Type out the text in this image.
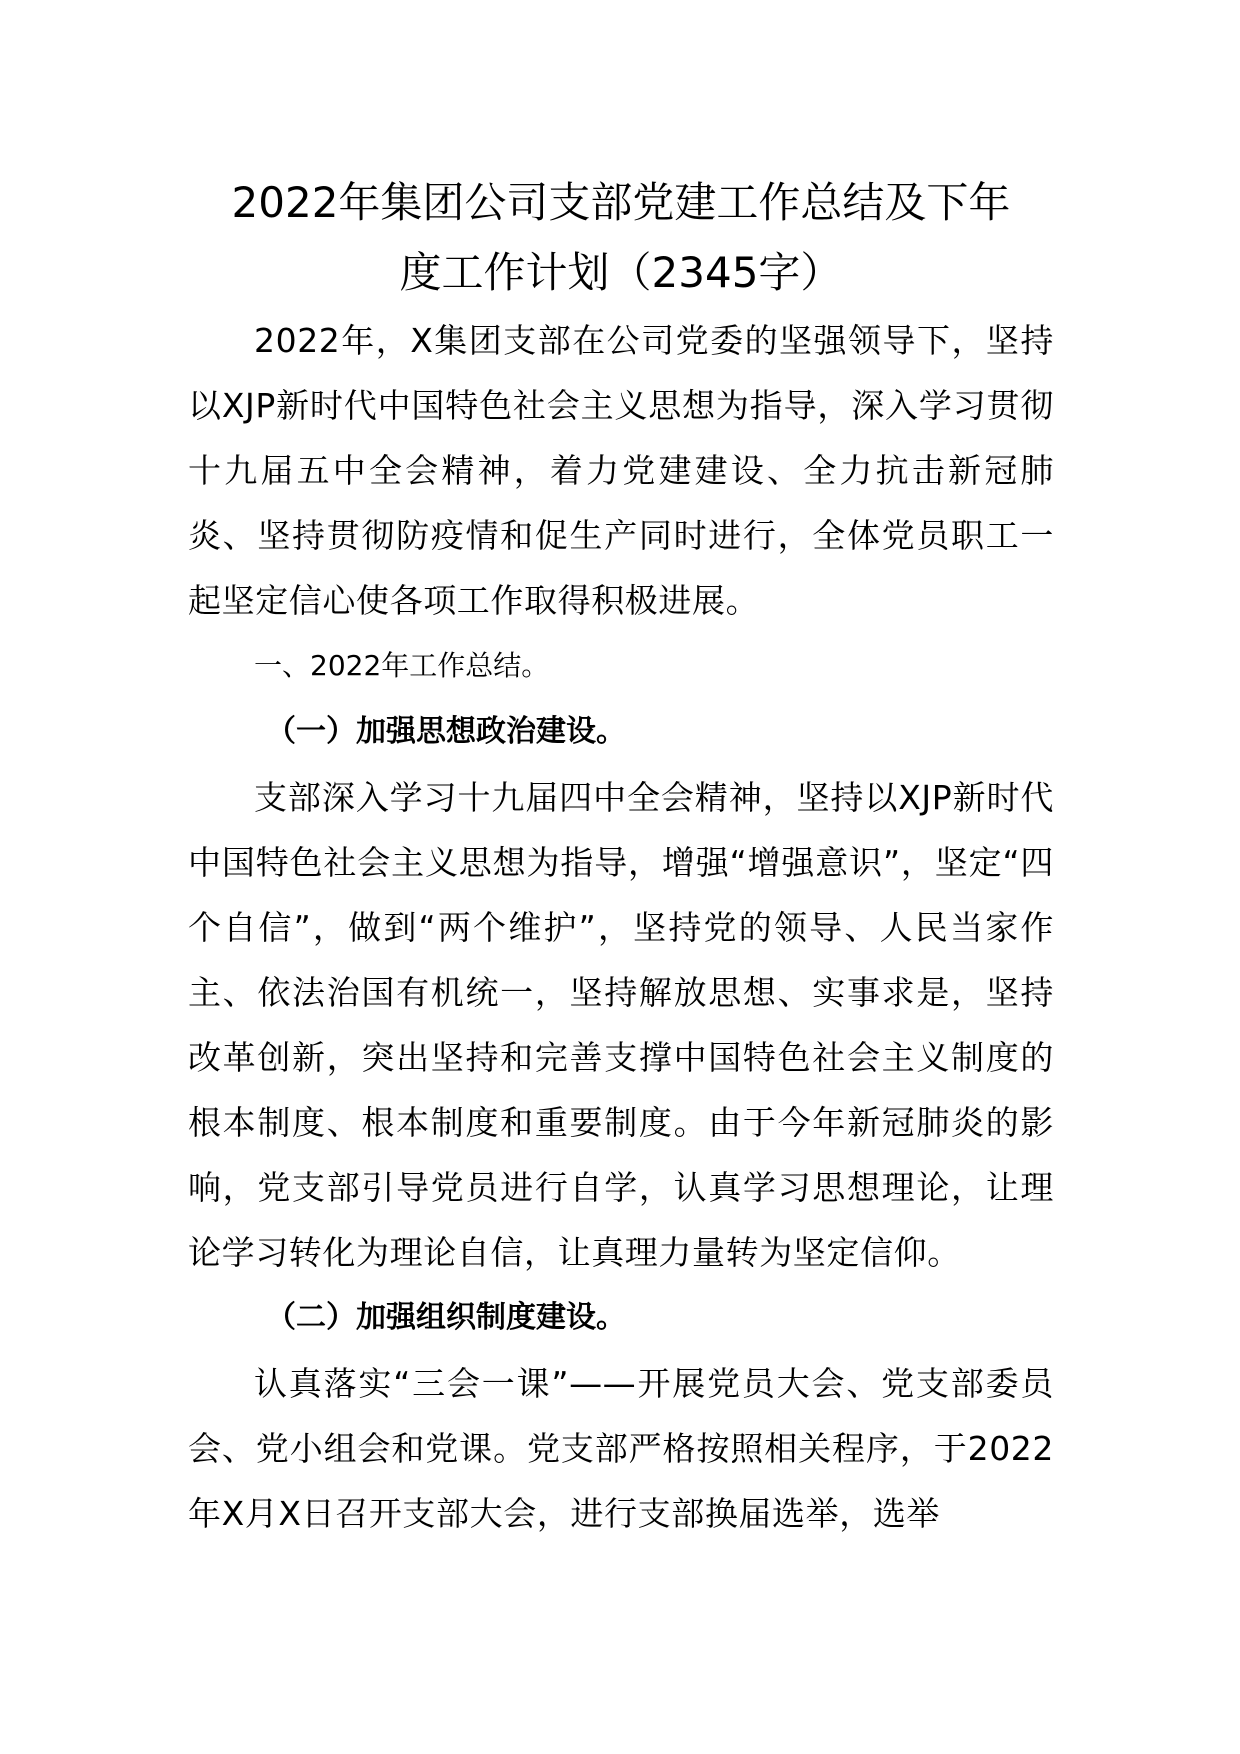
2022年集团公司支部党建工作总结及下年
度工作计划（2345字）

2022年，X集团支部在公司党委的坚强领导下，坚持以XJP新时代中国特色社会主义思想为指导，深入学习贯彻十九届五中全会精神，着力党建建设、全力抗击新冠肺炎、坚持贯彻防疫情和促生产同时进行，全体党员职工一起坚定信心使各项工作取得积极进展。

一、2022年工作总结。

（一）加强思想政治建设。

支部深入学习十九届四中全会精神，坚持以XJP新时代中国特色社会主义思想为指导，增强“增强意识”，坚定“四个自信”，做到“两个维护”，坚持党的领导、人民当家作主、依法治国有机统一，坚持解放思想、实事求是，坚持改革创新，突出坚持和完善支撑中国特色社会主义制度的根本制度、根本制度和重要制度。由于今年新冠肺炎的影响，党支部引导党员进行自学，认真学习思想理论，让理论学习转化为理论自信，让真理力量转为坚定信仰。

（二）加强组织制度建设。

认真落实“三会一课”——开展党员大会、党支部委员会、党小组会和党课。党支部严格按照相关程序，于2022年X月X日召开支部大会，进行支部换届选举，选举
